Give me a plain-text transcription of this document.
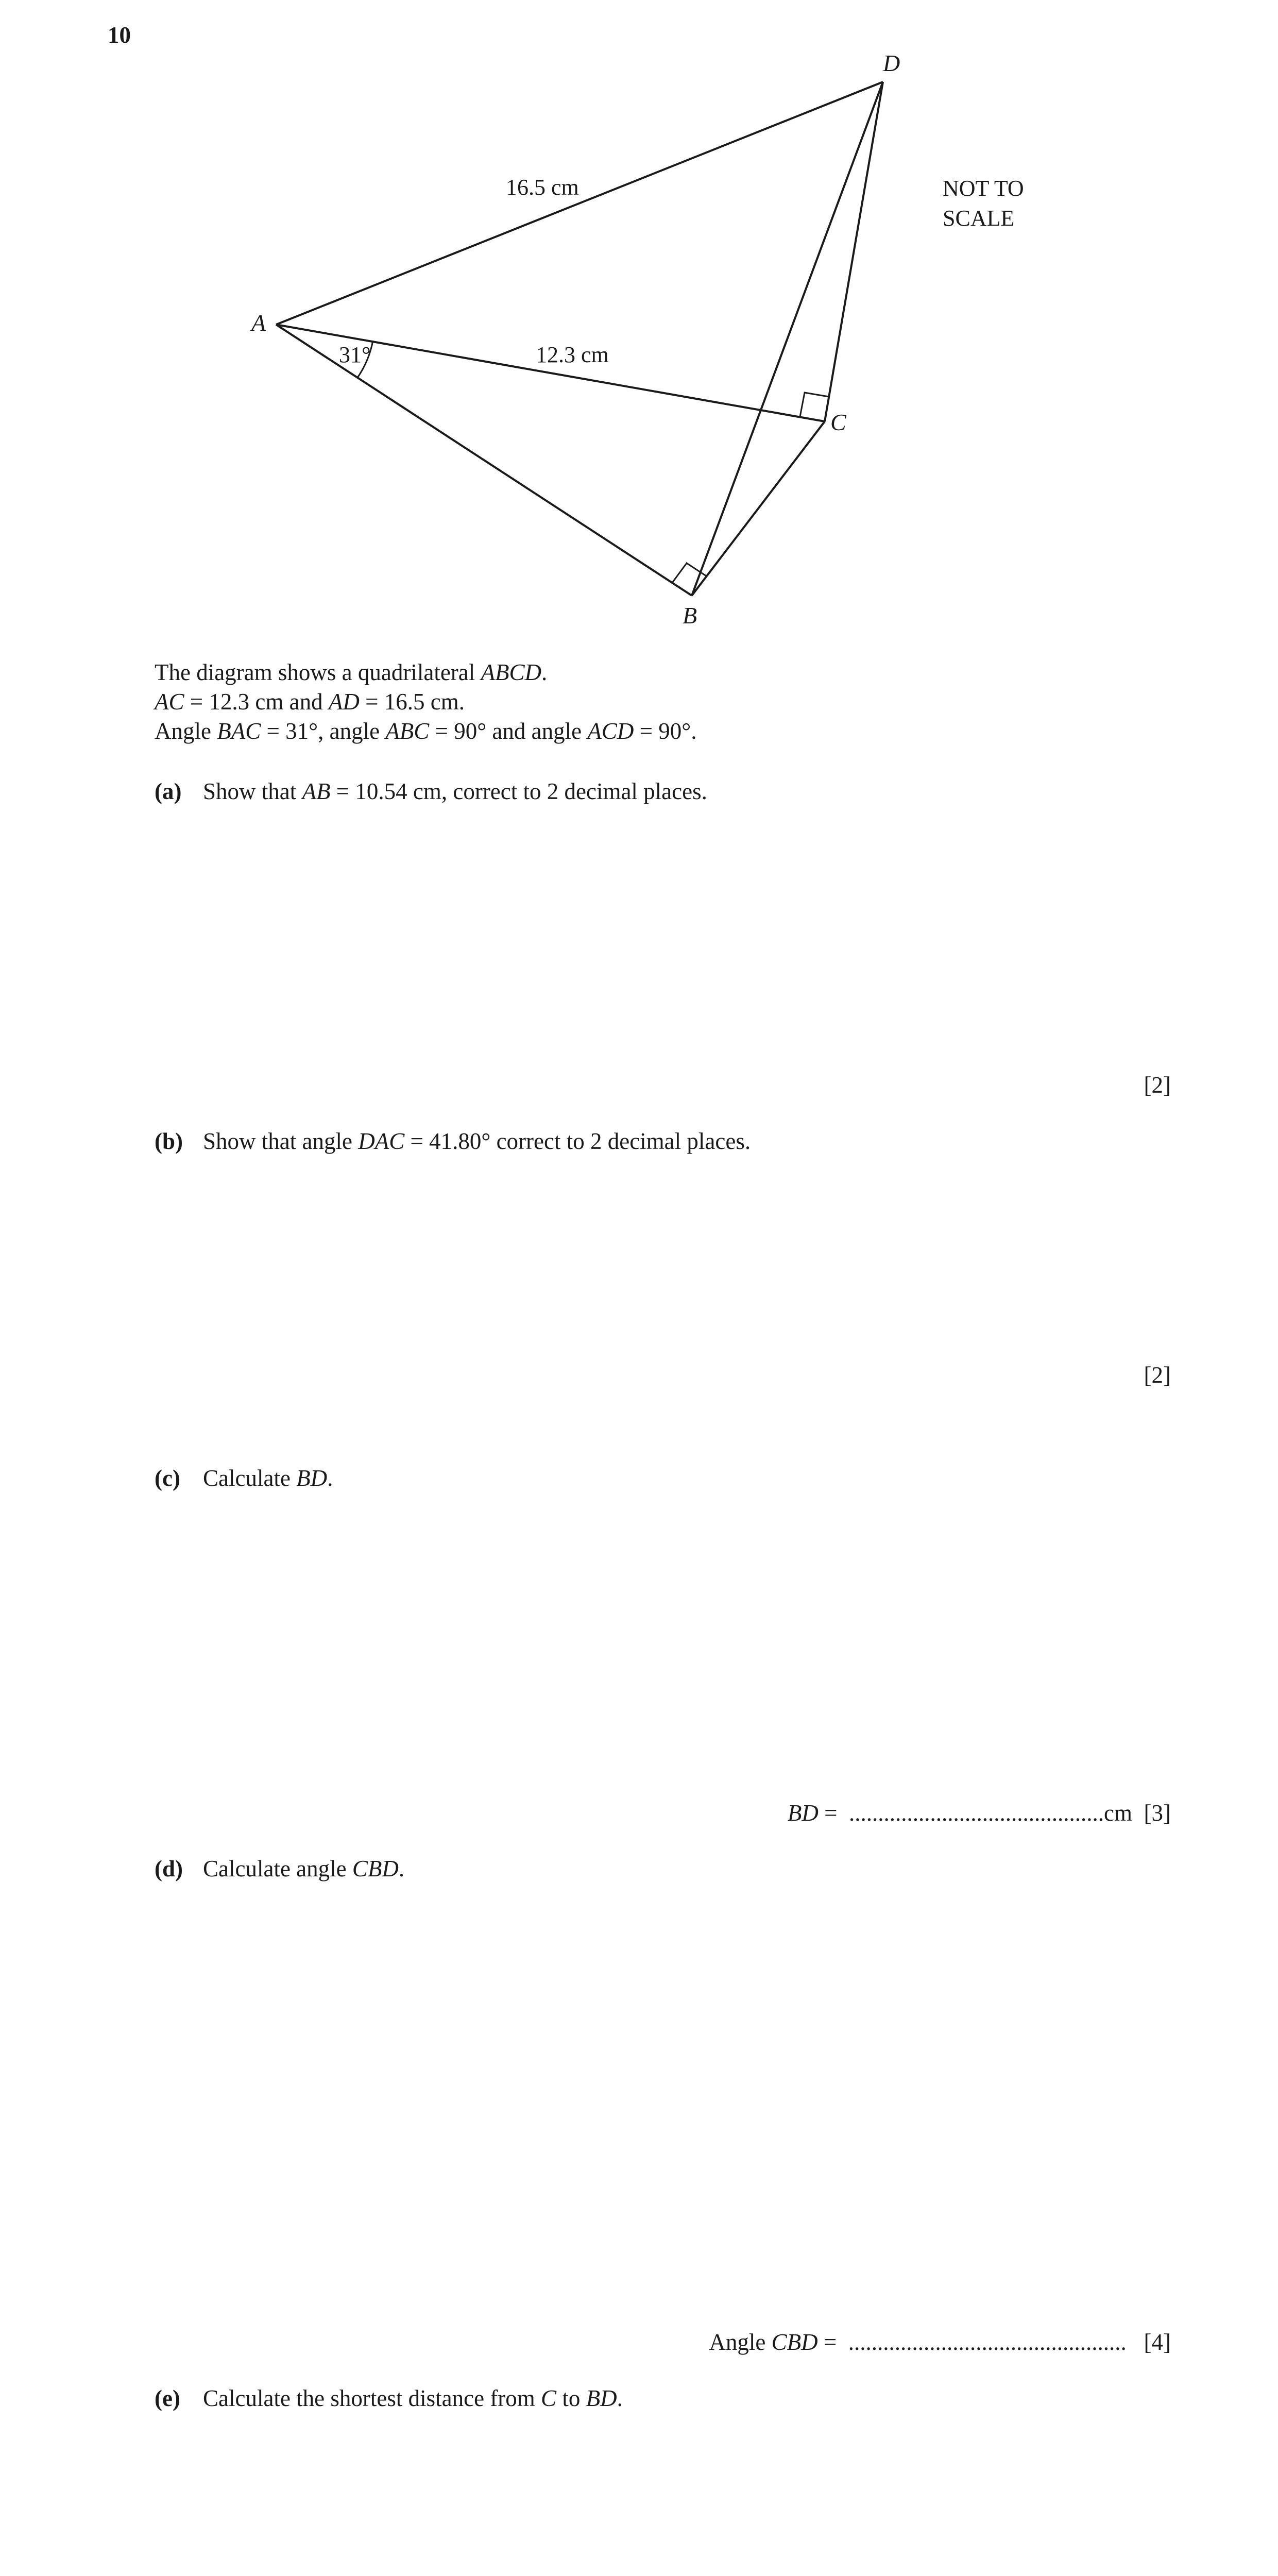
10
A
B
C
D
16.5 cm
12.3 cm
31°
NOT TO
SCALE
The diagram shows a quadrilateral ABCD.
AC = 12.3 cm and AD = 16.5 cm.
Angle BAC = 31°, angle ABC = 90° and angle ACD = 90°.
(a) Show that AB = 10.54 cm, correct to 2 decimal places.
[2]
(b) Show that angle DAC = 41.80° correct to 2 decimal places.
[2]
(c) Calculate BD.
BD =  ............................................cm [3]
(d) Calculate angle CBD.
Angle CBD =  ................................................ [4]
(e) Calculate the shortest distance from C to BD.
